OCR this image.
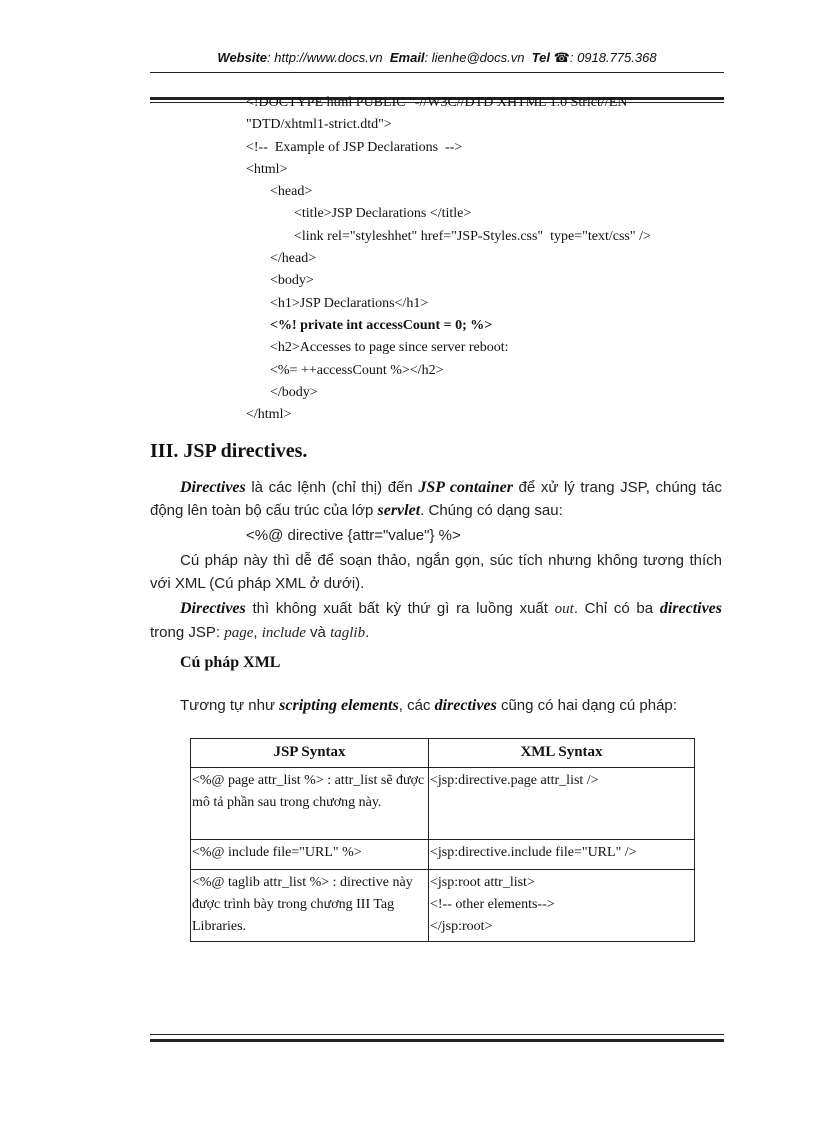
Website: http://www.docs.vn Email: lienhe@docs.vn Tel ☎: 0918.775.368
<!DOCTYPE html PUBLIC "-//W3C//DTD XHTML 1.0 Strict//EN"
"DTD/xhtml1-strict.dtd">
<!--  Example of JSP Declarations  -->
<html>
<head>
<title>JSP Declarations </title>
<link rel="styleshhet" href="JSP-Styles.css"  type="text/css" />
</head>
<body>
<h1>JSP Declarations</h1>
<%! private int accessCount = 0; %>
<h2>Accesses to page since server reboot:
<%= ++accessCount %></h2>
</body>
</html>
III. JSP directives.
Directives là các lệnh (chỉ thị) đến JSP container để xử lý trang JSP, chúng tác động lên toàn bộ cấu trúc của lớp servlet. Chúng có dạng sau:
<%@ directive {attr="value"} %>
Cú pháp này thì dễ để soạn thảo, ngắn gọn, súc tích nhưng không tương thích với XML (Cú pháp XML ở dưới).
Directives thì không xuất bất kỳ thứ gì ra luồng xuất out. Chỉ có ba directives trong JSP: page, include và taglib.
Cú pháp XML
Tương tự như scripting elements, các directives cũng có hai dạng cú pháp:
JSP Syntax	XML Syntax
<%@ page attr_list %> : attr_list sẽ được mô tả phần sau trong chương này.	<jsp:directive.page attr_list />
<%@ include file="URL" %>	<jsp:directive.include file="URL" />
<%@ taglib attr_list %> : directive này được trình bày trong chương III Tag Libraries.	<jsp:root attr_list>
<!-- other elements-->
</jsp:root>
